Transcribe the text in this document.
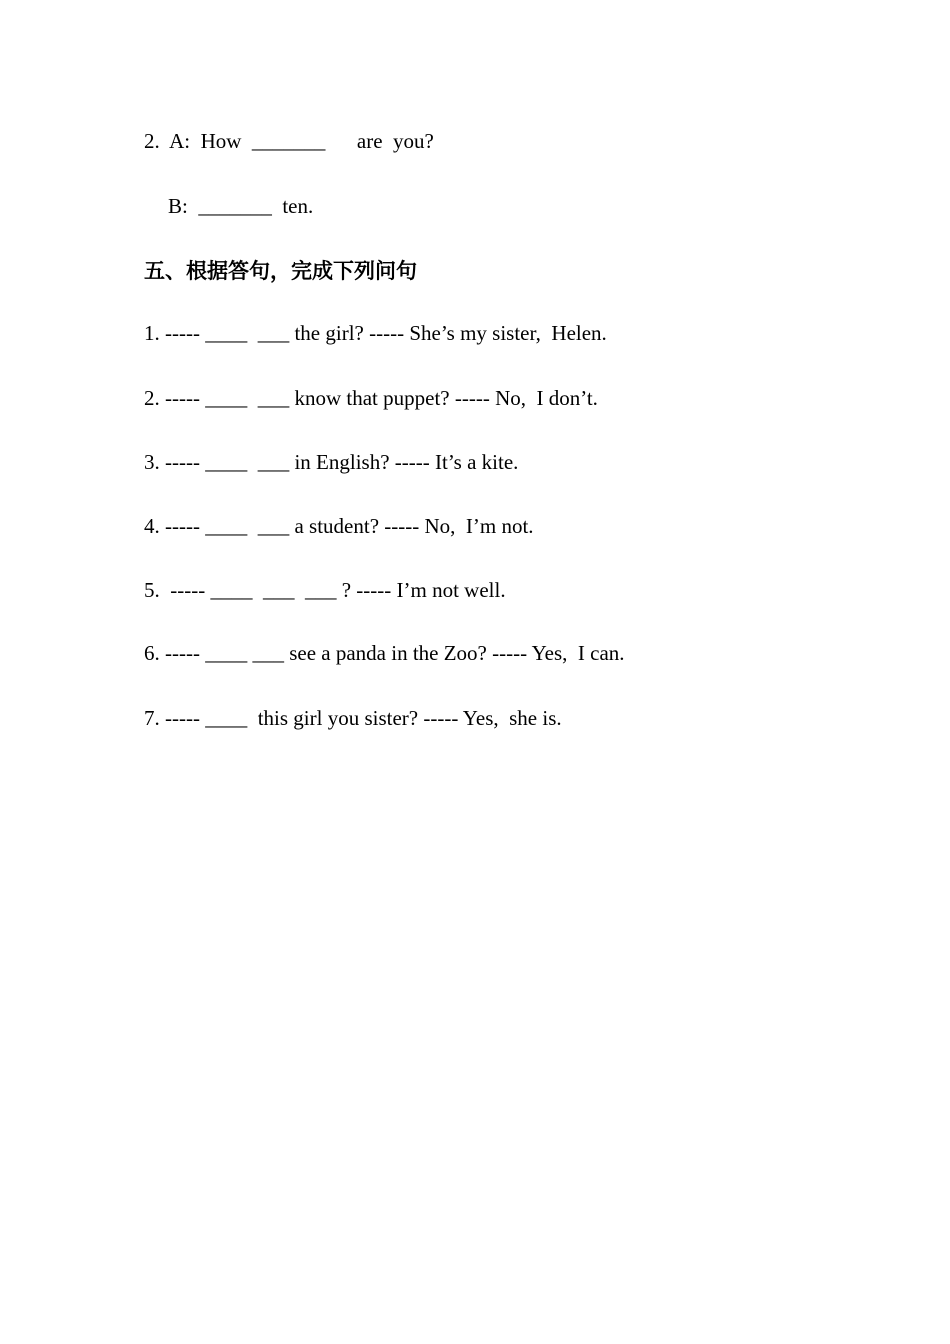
2.  A:  How  _______      are  you?
B:  _______  ten.
五、根据答句，完成下列问句
1. ----- ____  ___ the girl? ----- She’s my sister,  Helen.
2. ----- ____  ___ know that puppet? ----- No,  I don’t.
3. ----- ____  ___ in English? ----- It’s a kite.
4. ----- ____  ___ a student? ----- No,  I’m not.
5.  ----- ____  ___  ___ ? ----- I’m not well.
6. ----- ____ ___ see a panda in the Zoo? ----- Yes,  I can.
7. ----- ____  this girl you sister? ----- Yes,  she is.
